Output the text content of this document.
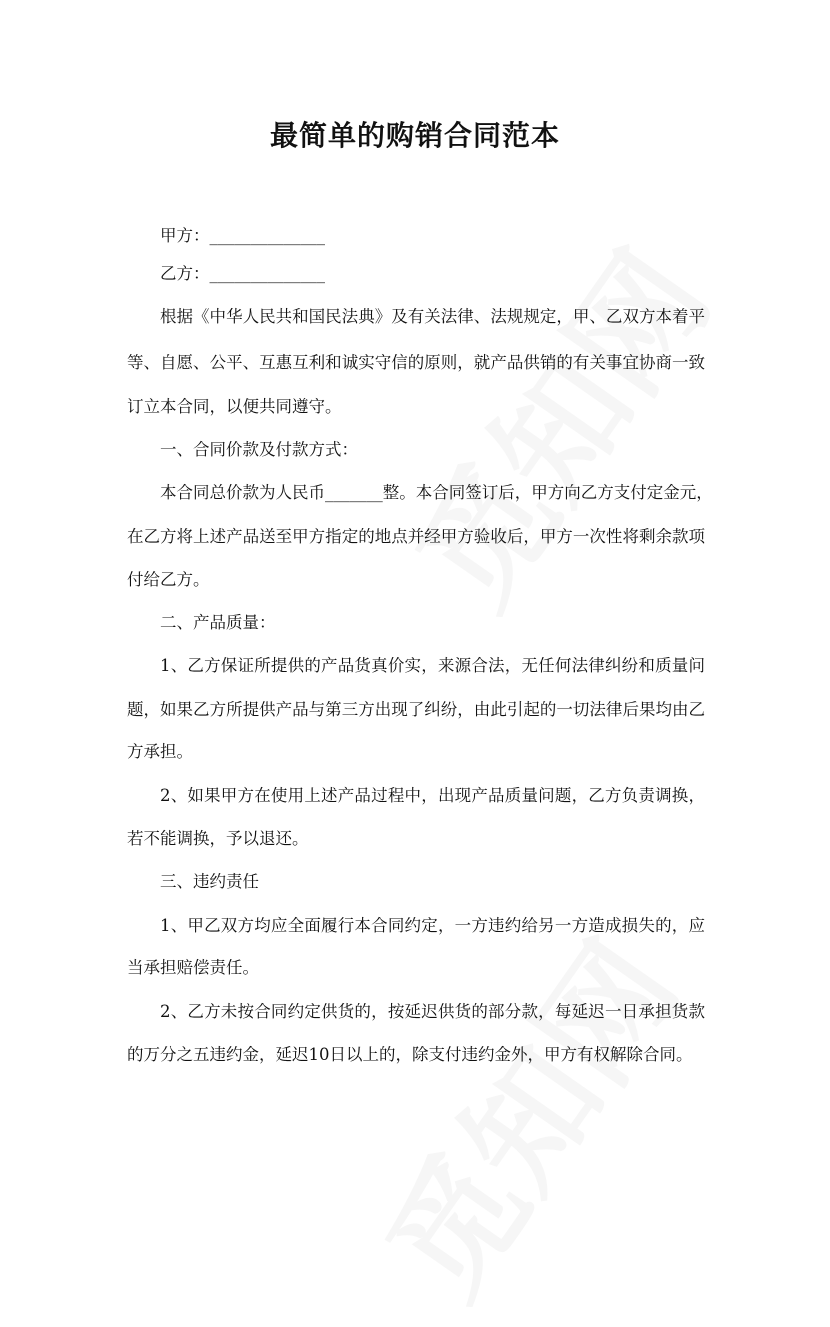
最简单的购销合同范本
甲方：______________
乙方：______________
根据《中华人民共和国民法典》及有关法律、法规规定，甲、乙双方本着平
等、自愿、公平、互惠互利和诚实守信的原则，就产品供销的有关事宜协商一致
订立本合同，以便共同遵守。
一、合同价款及付款方式：
本合同总价款为人民币_______整。本合同签订后，甲方向乙方支付定金元，
在乙方将上述产品送至甲方指定的地点并经甲方验收后，甲方一次性将剩余款项
付给乙方。
二、产品质量：
1、乙方保证所提供的产品货真价实，来源合法，无任何法律纠纷和质量问
题，如果乙方所提供产品与第三方出现了纠纷，由此引起的一切法律后果均由乙
方承担。
2、如果甲方在使用上述产品过程中，出现产品质量问题，乙方负责调换，
若不能调换，予以退还。
三、违约责任
1、甲乙双方均应全面履行本合同约定，一方违约给另一方造成损失的，应
当承担赔偿责任。
2、乙方未按合同约定供货的，按延迟供货的部分款，每延迟一日承担货款
的万分之五违约金，延迟10日以上的，除支付违约金外，甲方有权解除合同。
